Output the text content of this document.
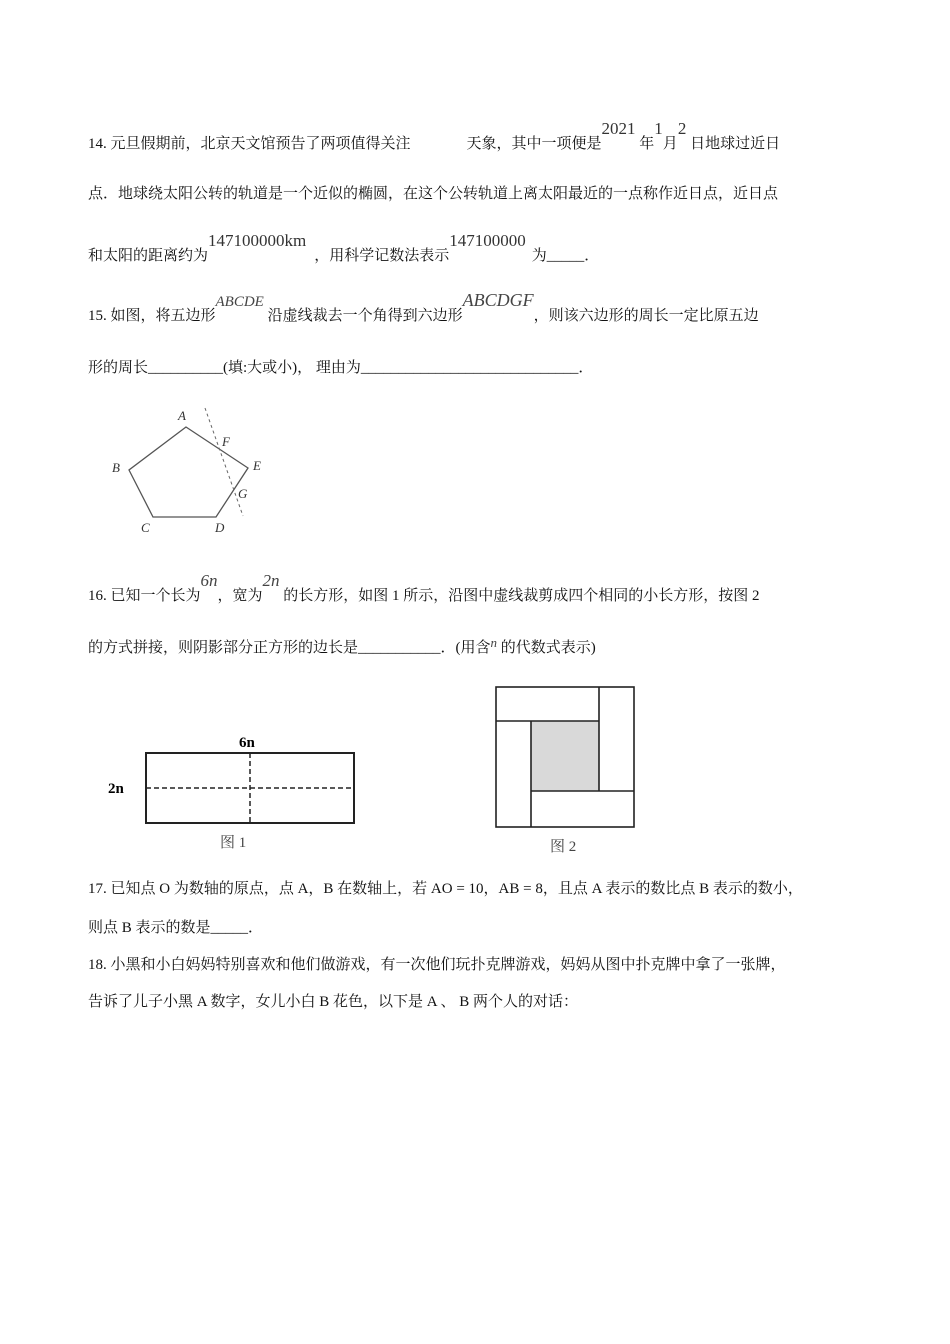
14. 元旦假期前，北京天文馆预告了两项值得关注	天象，其中一项便是2021 年1月2 日地球过近日
点．地球绕太阳公转的轨道是一个近似的椭圆，在这个公转轨道上离太阳最近的一点称作近日点，近日点
和太阳的距离约为147100000km，用科学记数法表示147100000为_____．
15. 如图，将五边形ABCDE 沿虚线裁去一个角得到六边形ABCDGF，则该六边形的周长一定比原五边
形的周长__________(填:大或小)， 理由为_____________________________．
A
B
C	D
E
F
G
16. 已知一个长为6n，宽为2n 的长方形，如图 1 所示，沿图中虚线裁剪成四个相同的小长方形，按图 2
的方式拼接，则阴影部分正方形的边长是___________．(用含n 的代数式表示)
6n
2n
图 1	图 2
17. 已知点 O 为数轴的原点，点 A，B 在数轴上，若 AO = 10，AB = 8，且点 A 表示的数比点 B 表示的数小，
则点 B 表示的数是_____．
18. 小黑和小白妈妈特别喜欢和他们做游戏，有一次他们玩扑克牌游戏，妈妈从图中扑克牌中拿了一张牌，
告诉了儿子小黑 A 数字，女儿小白 B 花色，以下是 A 、 B 两个人的对话：
